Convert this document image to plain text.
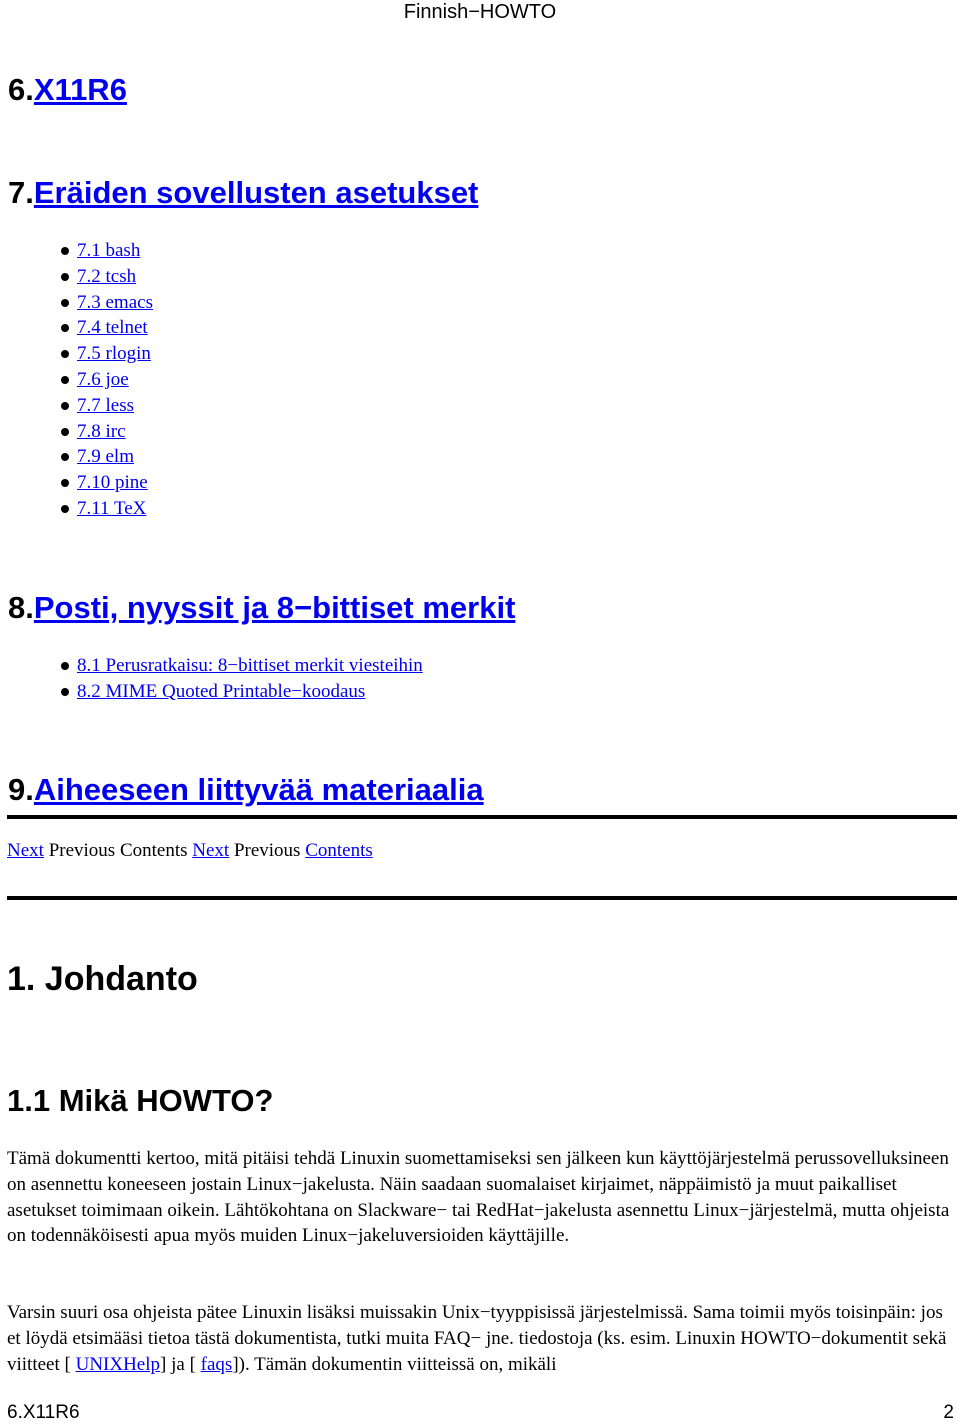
Finnish−HOWTO
6.X11R6
7.Eräiden sovellusten asetukset
7.1 bash
7.2 tcsh
7.3 emacs
7.4 telnet
7.5 rlogin
7.6 joe
7.7 less
7.8 irc
7.9 elm
7.10 pine
7.11 TeX
8.Posti, nyyssit ja 8−bittiset merkit
8.1 Perusratkaisu: 8−bittiset merkit viesteihin
8.2 MIME Quoted Printable−koodaus
9.Aiheeseen liittyvää materiaalia
Next Previous Contents Next Previous Contents
1. Johdanto
1.1 Mikä HOWTO?

Tämä dokumentti kertoo, mitä pitäisi tehdä Linuxin suomettamiseksi sen jälkeen kun käyttöjärjestelmä perussovelluksineen on asennettu koneeseen jostain Linux−jakelusta. Näin saadaan suomalaiset kirjaimet, näppäimistö ja muut paikalliset asetukset toimimaan oikein. Lähtökohtana on Slackware− tai RedHat−jakelusta asennettu Linux−järjestelmä, mutta ohjeista on todennäköisesti apua myös muiden Linux−jakeluversioiden käyttäjille.

Varsin suuri osa ohjeista pätee Linuxin lisäksi muissakin Unix−tyyppisissä järjestelmissä. Sama toimii myös toisinpäin: jos et löydä etsimääsi tietoa tästä dokumentista, tutki muita FAQ− jne. tiedostoja (ks. esim. Linuxin HOWTO−dokumentit sekä viitteet [ UNIXHelp] ja [ faqs]). Tämän dokumentin viitteissä on, mikäli

6.X11R6	2
